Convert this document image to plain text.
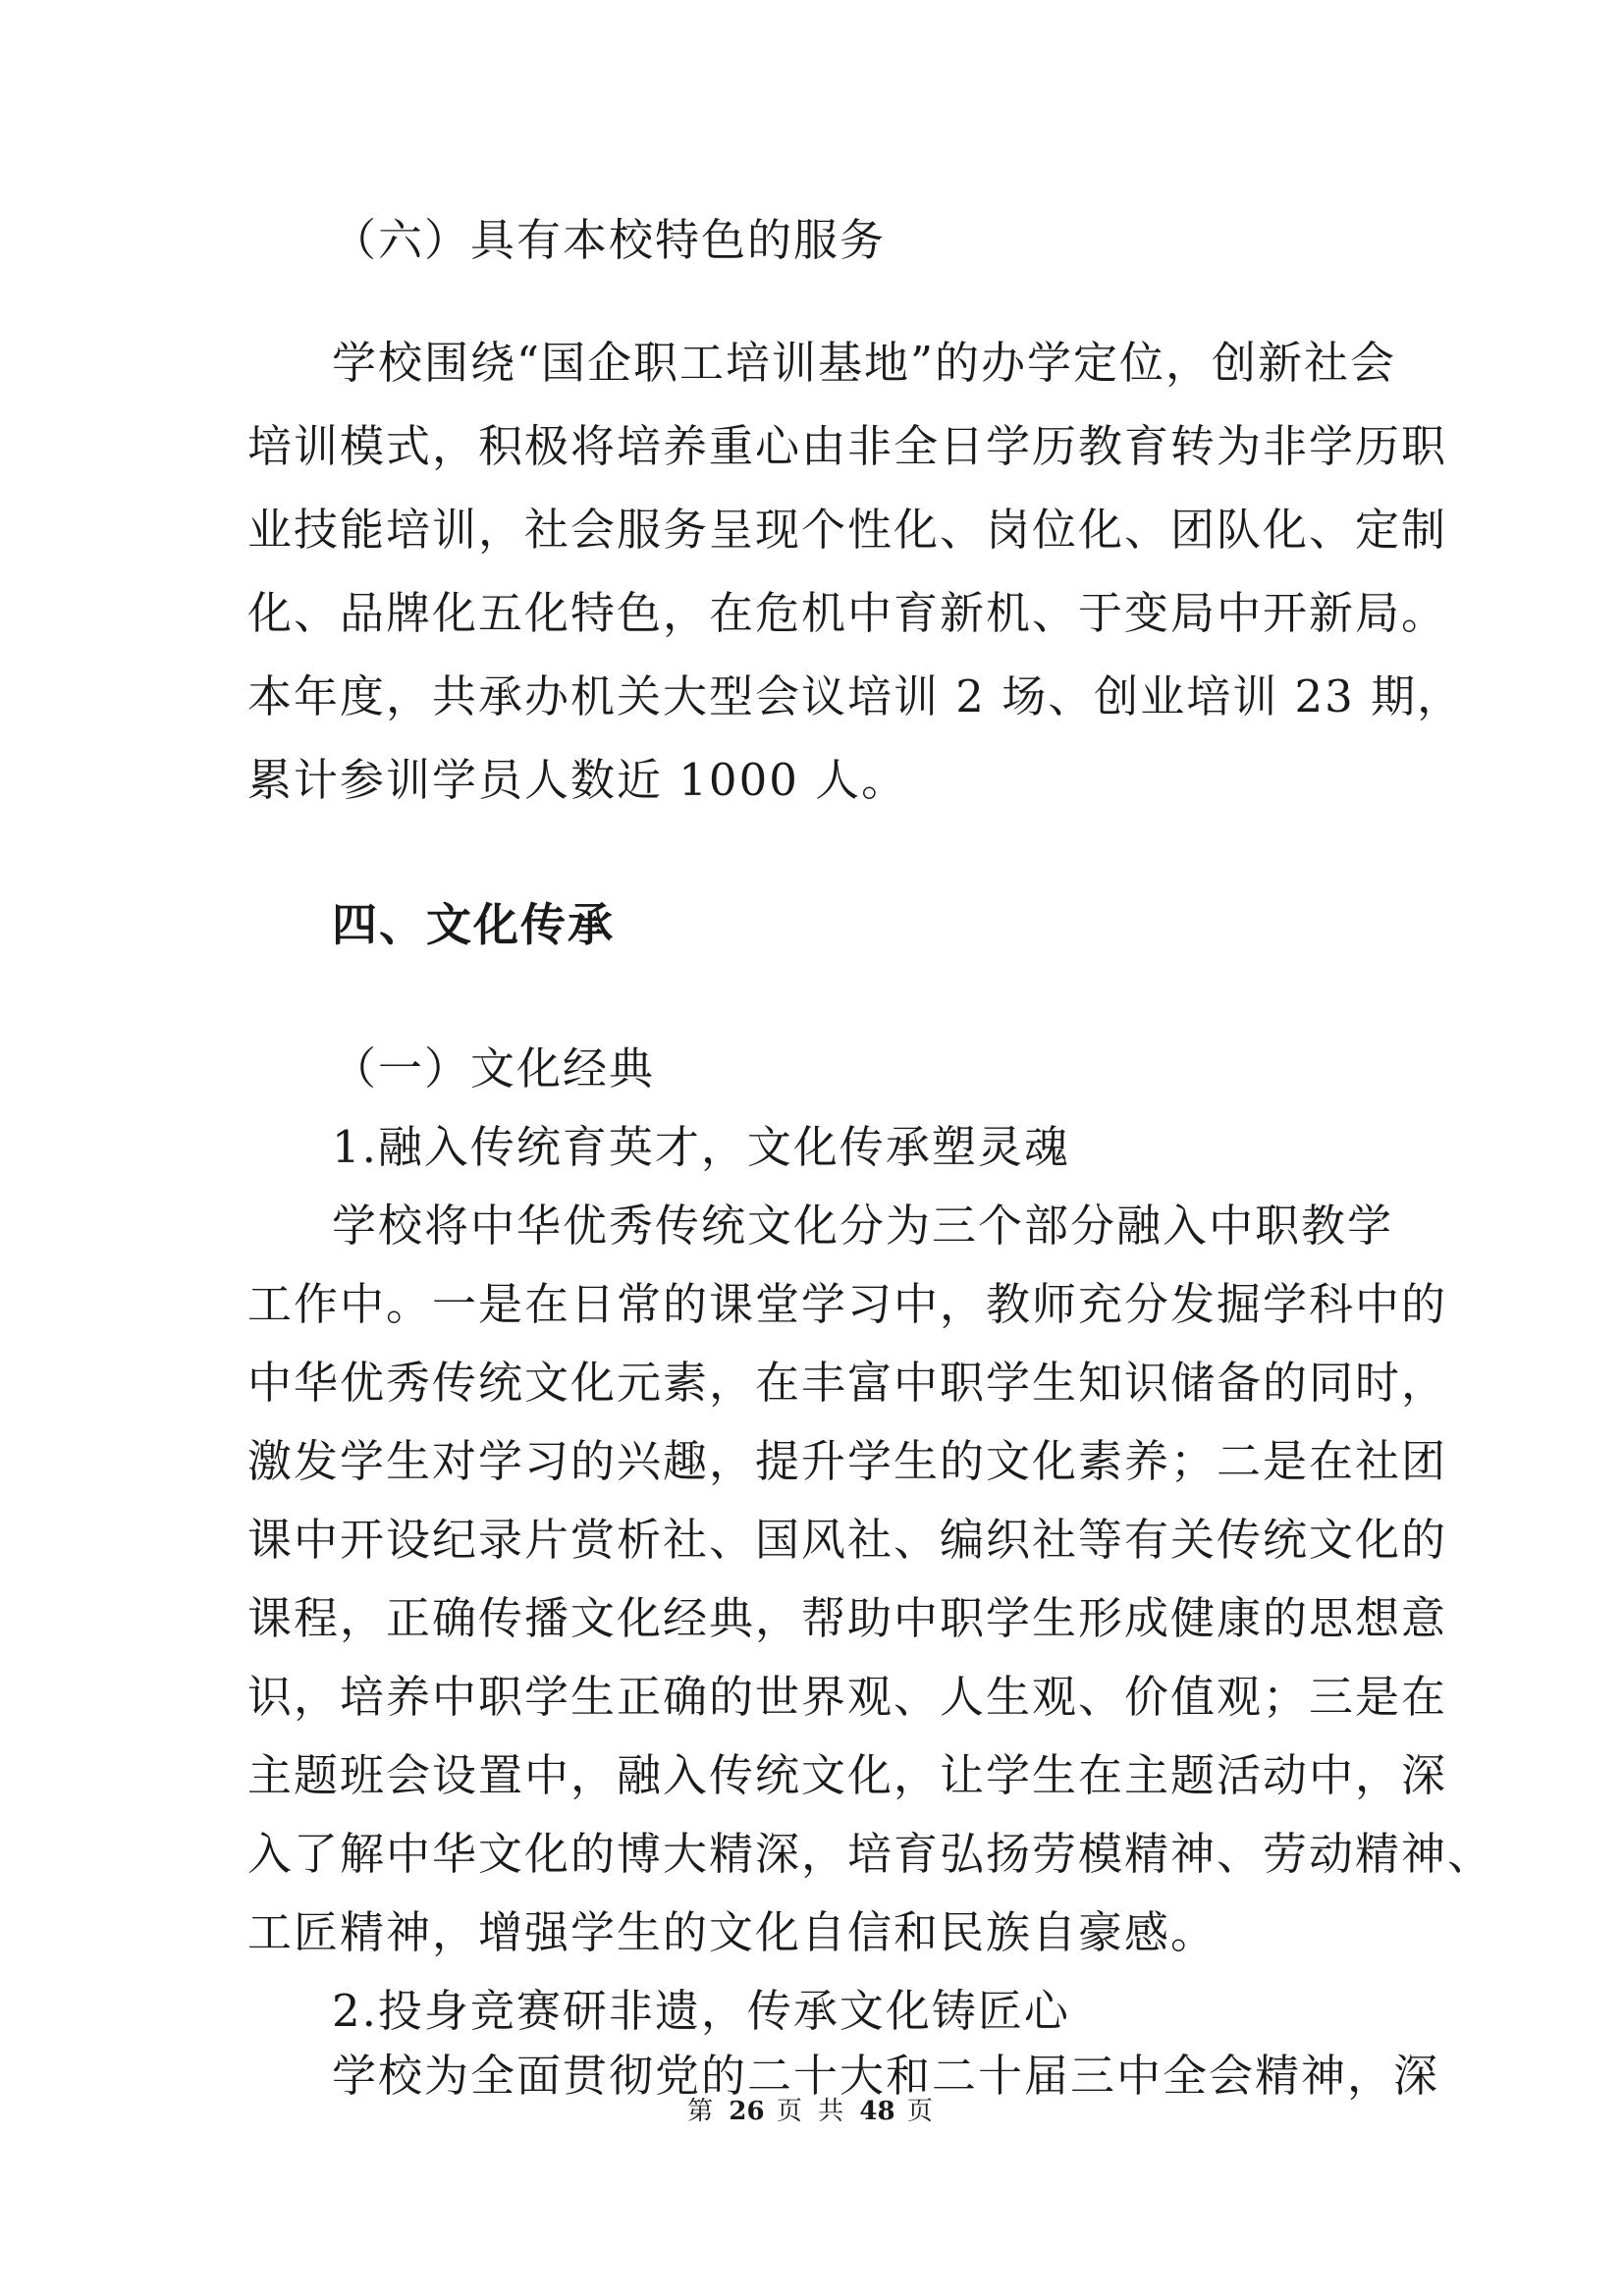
（六）具有本校特色的服务
学校围绕“国企职工培训基地”的办学定位，创新社会
培训模式，积极将培养重心由非全日学历教育转为非学历职
业技能培训，社会服务呈现个性化、岗位化、团队化、定制
化、品牌化五化特色，在危机中育新机、于变局中开新局。
本年度，共承办机关大型会议培训 2 场、创业培训 23 期，
累计参训学员人数近 1000 人。
四、文化传承
（一）文化经典
1.融入传统育英才，文化传承塑灵魂
学校将中华优秀传统文化分为三个部分融入中职教学
工作中。一是在日常的课堂学习中，教师充分发掘学科中的
中华优秀传统文化元素，在丰富中职学生知识储备的同时，
激发学生对学习的兴趣，提升学生的文化素养；二是在社团
课中开设纪录片赏析社、国风社、编织社等有关传统文化的
课程，正确传播文化经典，帮助中职学生形成健康的思想意
识，培养中职学生正确的世界观、人生观、价值观；三是在
主题班会设置中，融入传统文化，让学生在主题活动中，深
入了解中华文化的博大精深，培育弘扬劳模精神、劳动精神、
工匠精神，增强学生的文化自信和民族自豪感。
2.投身竞赛研非遗，传承文化铸匠心
学校为全面贯彻党的二十大和二十届三中全会精神，深
第 26 页 共 48 页
